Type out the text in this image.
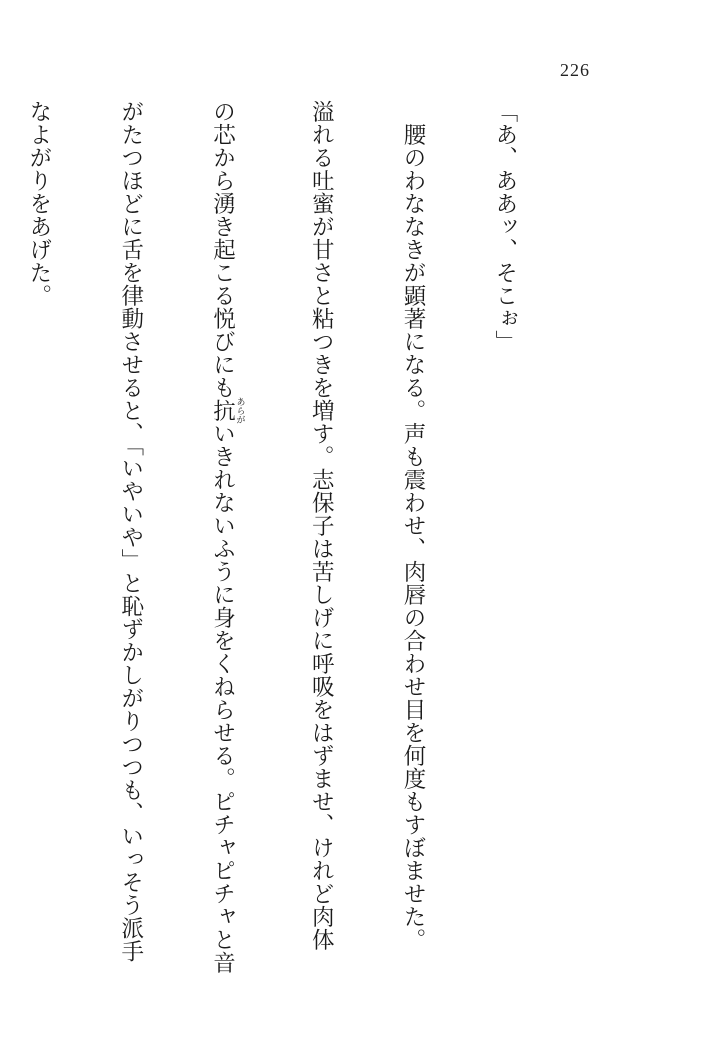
226

「あ、ああッ、そこぉ」

　腰のわななきが顕著になる。声も震わせ、肉唇の合わせ目を何度もすぼませた。

溢れる吐蜜が甘さと粘つきを増す。志保子は苦しげに呼吸をはずませ、けれど肉体

の芯から湧き起こる悦びにも抗 あらがいきれないふうに身をくねらせる。ピチャピチャと音

がたつほどに舌を律動させると、「いやいや」と恥ずかしがりつつも、いっそう派手

なよがりをあげた。
